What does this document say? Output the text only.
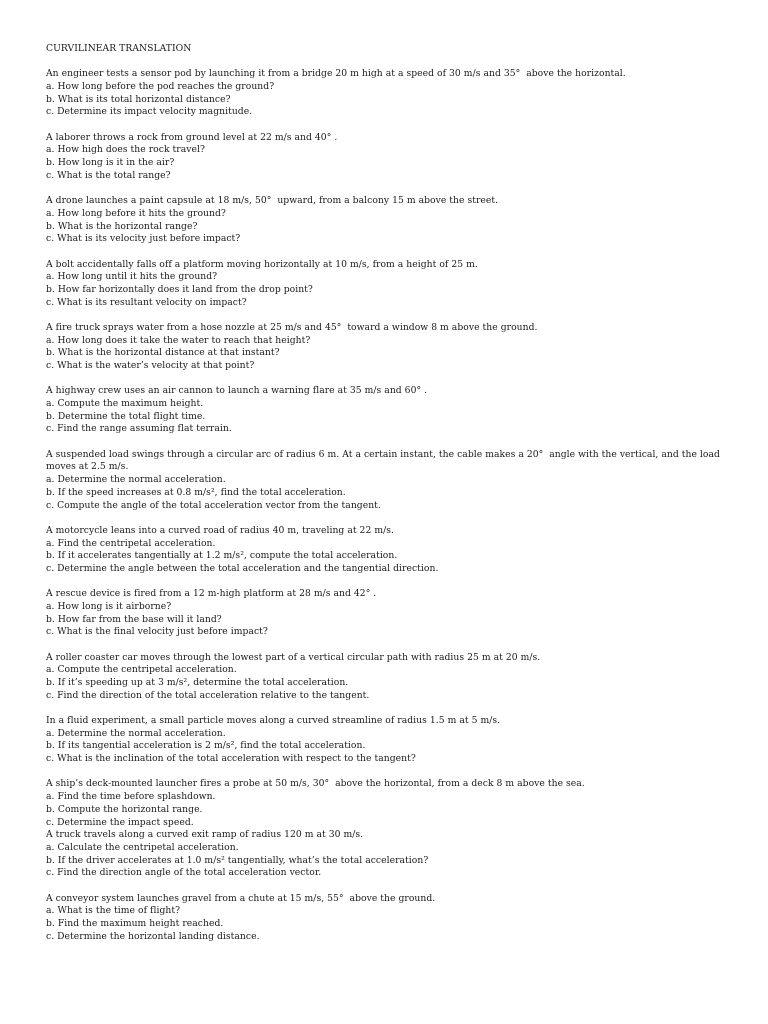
CURVILINEAR TRANSLATION
An engineer tests a sensor pod by launching it from a bridge 20 m high at a speed of 30 m/s and 35°  above the horizontal.
a. How long before the pod reaches the ground?
b. What is its total horizontal distance?
c. Determine its impact velocity magnitude.
A laborer throws a rock from ground level at 22 m/s and 40° .
a. How high does the rock travel?
b. How long is it in the air?
c. What is the total range?
A drone launches a paint capsule at 18 m/s, 50°  upward, from a balcony 15 m above the street.
a. How long before it hits the ground?
b. What is the horizontal range?
c. What is its velocity just before impact?
A bolt accidentally falls off a platform moving horizontally at 10 m/s, from a height of 25 m.
a. How long until it hits the ground?
b. How far horizontally does it land from the drop point?
c. What is its resultant velocity on impact?
A fire truck sprays water from a hose nozzle at 25 m/s and 45°  toward a window 8 m above the ground.
a. How long does it take the water to reach that height?
b. What is the horizontal distance at that instant?
c. What is the water’s velocity at that point?
A highway crew uses an air cannon to launch a warning flare at 35 m/s and 60° .
a. Compute the maximum height.
b. Determine the total flight time.
c. Find the range assuming flat terrain.
A suspended load swings through a circular arc of radius 6 m. At a certain instant, the cable makes a 20°  angle with the vertical, and the load moves at 2.5 m/s.
a. Determine the normal acceleration.
b. If the speed increases at 0.8 m/s², find the total acceleration.
c. Compute the angle of the total acceleration vector from the tangent.
A motorcycle leans into a curved road of radius 40 m, traveling at 22 m/s.
a. Find the centripetal acceleration.
b. If it accelerates tangentially at 1.2 m/s², compute the total acceleration.
c. Determine the angle between the total acceleration and the tangential direction.
A rescue device is fired from a 12 m-high platform at 28 m/s and 42° .
a. How long is it airborne?
b. How far from the base will it land?
c. What is the final velocity just before impact?
A roller coaster car moves through the lowest part of a vertical circular path with radius 25 m at 20 m/s.
a. Compute the centripetal acceleration.
b. If it’s speeding up at 3 m/s², determine the total acceleration.
c. Find the direction of the total acceleration relative to the tangent.
In a fluid experiment, a small particle moves along a curved streamline of radius 1.5 m at 5 m/s.
a. Determine the normal acceleration.
b. If its tangential acceleration is 2 m/s², find the total acceleration.
c. What is the inclination of the total acceleration with respect to the tangent?
A ship’s deck-mounted launcher fires a probe at 50 m/s, 30°  above the horizontal, from a deck 8 m above the sea.
a. Find the time before splashdown.
b. Compute the horizontal range.
c. Determine the impact speed.
A truck travels along a curved exit ramp of radius 120 m at 30 m/s.
a. Calculate the centripetal acceleration.
b. If the driver accelerates at 1.0 m/s² tangentially, what’s the total acceleration?
c. Find the direction angle of the total acceleration vector.
A conveyor system launches gravel from a chute at 15 m/s, 55°  above the ground.
a. What is the time of flight?
b. Find the maximum height reached.
c. Determine the horizontal landing distance.
